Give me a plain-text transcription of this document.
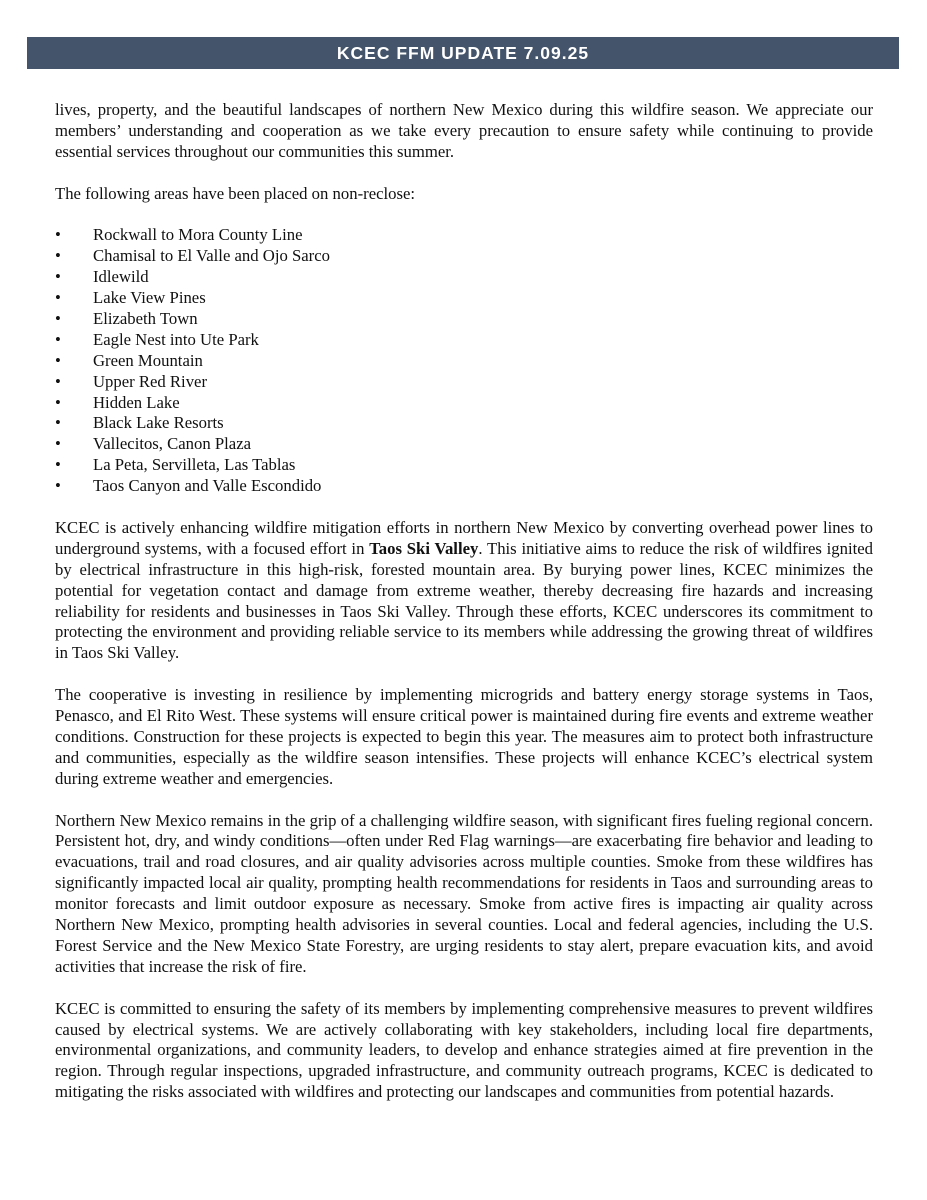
KCEC FFM UPDATE 7.09.25

lives, property, and the beautiful landscapes of northern New Mexico during this wildfire season. We appreciate our members’ understanding and cooperation as we take every precaution to ensure safety while continuing to provide essential services throughout our communities this summer.

The following areas have been placed on non-reclose:

• Rockwall to Mora County Line
• Chamisal to El Valle and Ojo Sarco
• Idlewild
• Lake View Pines
• Elizabeth Town
• Eagle Nest into Ute Park
• Green Mountain
• Upper Red River
• Hidden Lake
• Black Lake Resorts
• Vallecitos, Canon Plaza
• La Peta, Servilleta, Las Tablas
• Taos Canyon and Valle Escondido

KCEC is actively enhancing wildfire mitigation efforts in northern New Mexico by converting overhead power lines to underground systems, with a focused effort in Taos Ski Valley. This initiative aims to reduce the risk of wildfires ignited by electrical infrastructure in this high-risk, forested mountain area. By burying power lines, KCEC minimizes the potential for vegetation contact and damage from extreme weather, thereby decreasing fire hazards and increasing reliability for residents and businesses in Taos Ski Valley. Through these efforts, KCEC underscores its commitment to protecting the environment and providing reliable service to its members while addressing the growing threat of wildfires in Taos Ski Valley.

The cooperative is investing in resilience by implementing microgrids and battery energy storage systems in Taos, Penasco, and El Rito West. These systems will ensure critical power is maintained during fire events and extreme weather conditions. Construction for these projects is expected to begin this year. The measures aim to protect both infrastructure and communities, especially as the wildfire season intensifies. These projects will enhance KCEC’s electrical system during extreme weather and emergencies.

Northern New Mexico remains in the grip of a challenging wildfire season, with significant fires fueling regional concern. Persistent hot, dry, and windy conditions—often under Red Flag warnings—are exacerbating fire behavior and leading to evacuations, trail and road closures, and air quality advisories across multiple counties. Smoke from these wildfires has significantly impacted local air quality, prompting health recommendations for residents in Taos and surrounding areas to monitor forecasts and limit outdoor exposure as necessary. Smoke from active fires is impacting air quality across Northern New Mexico, prompting health advisories in several counties. Local and federal agencies, including the U.S. Forest Service and the New Mexico State Forestry, are urging residents to stay alert, prepare evacuation kits, and avoid activities that increase the risk of fire.

KCEC is committed to ensuring the safety of its members by implementing comprehensive measures to prevent wildfires caused by electrical systems. We are actively collaborating with key stakeholders, including local fire departments, environmental organizations, and community leaders, to develop and enhance strategies aimed at fire prevention in the region. Through regular inspections, upgraded infrastructure, and community outreach programs, KCEC is dedicated to mitigating the risks associated with wildfires and protecting our landscapes and communities from potential hazards.
